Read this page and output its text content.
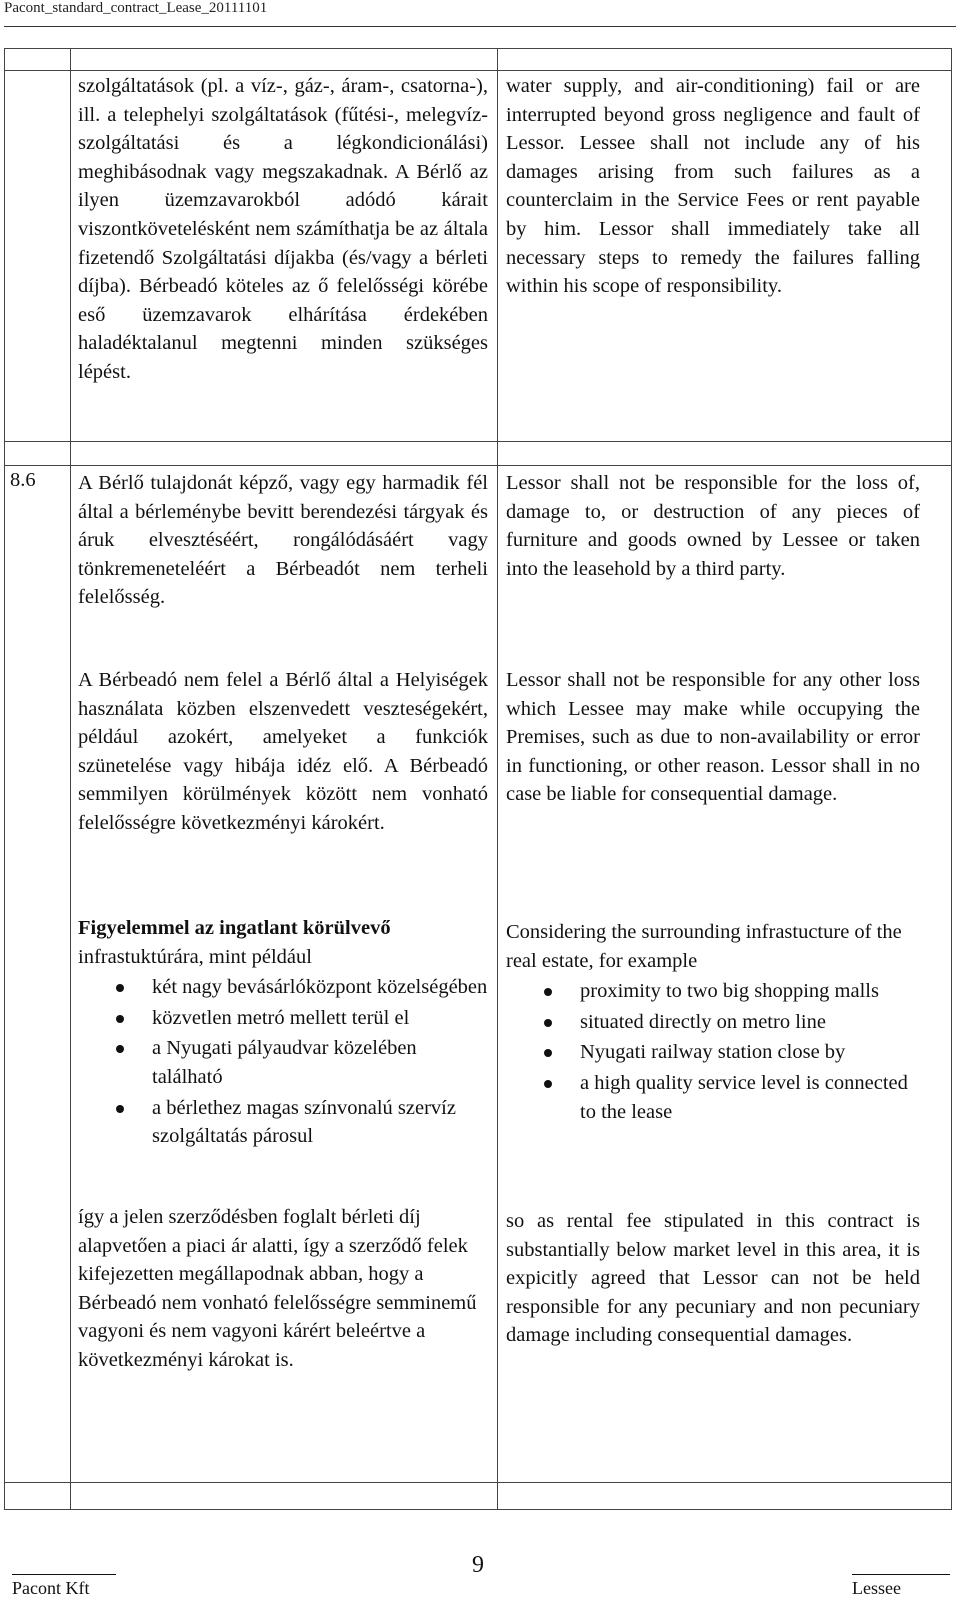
Pacont_standard_contract_Lease_20111101

szolgáltatások (pl. a víz-, gáz-, áram-, csatorna-), ill. a telephelyi szolgáltatások (fűtési-, melegvíz-szolgáltatási és a légkondicionálási) meghibásodnak vagy megszakadnak. A Bérlő az ilyen üzemzavarokból adódó kárait viszontkövetelésként nem számíthatja be az általa fizetendő Szolgáltatási díjakba (és/vagy a bérleti díjba). Bérbeadó köteles az ő felelősségi körébe eső üzemzavarok elhárítása érdekében haladéktalanul megtenni minden szükséges lépést.

water supply, and air-conditioning) fail or are interrupted beyond gross negligence and fault of Lessor. Lessee shall not include any of his damages arising from such failures as a counterclaim in the Service Fees or rent payable by him. Lessor shall immediately take all necessary steps to remedy the failures falling within his scope of responsibility.

8.6 A Bérlő tulajdonát képző, vagy egy harmadik fél által a bérleménybe bevitt berendezési tárgyak és áruk elvesztéséért, rongálódásáért vagy tönkremeneteléért a Bérbeadót nem terheli felelősség.

Lessor shall not be responsible for the loss of, damage to, or destruction of any pieces of furniture and goods owned by Lessee or taken into the leasehold by a third party.

A Bérbeadó nem felel a Bérlő által a Helyiségek használata közben elszenvedett veszteségekért, például azokért, amelyeket a funkciók szünetelése vagy hibája idéz elő. A Bérbeadó semmilyen körülmények között nem vonható felelősségre következményi károkért.

Lessor shall not be responsible for any other loss which Lessee may make while occupying the Premises, such as due to non-availability or error in functioning, or other reason. Lessor shall in no case be liable for consequential damage.

Figyelemmel az ingatlant körülvevő

infrastuktúrára, mint például

két nagy bevásárlóközpont közelségében
közvetlen metró mellett terül el
a Nyugati pályaudvar közelében található
a bérlethez magas színvonalú szervíz szolgáltatás párosul

Considering the surrounding infrastucture of the real estate, for example

proximity to two big shopping malls
situated directly on metro line
Nyugati railway station close by
a high quality service level is connected to the lease

így a jelen szerződésben foglalt bérleti díj alapvetően a piaci ár alatti, így a szerződő felek kifejezetten megállapodnak abban, hogy a Bérbeadó nem vonható felelősségre semminemű vagyoni és nem vagyoni kárért beleértve a következményi károkat is.

so as rental fee stipulated in this contract is substantially below market level in this area, it is expicitly agreed that Lessor can not be held responsible for any pecuniary and non pecuniary damage including consequential damages.

9
Pacont Kft	Lessee
